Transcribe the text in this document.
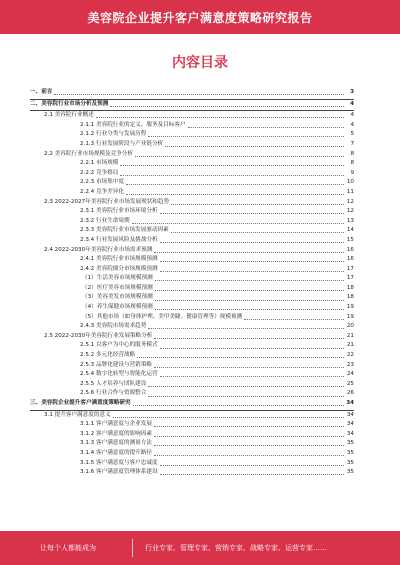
美容院企业提升客户满意度策略研究报告
内容目录
一、前言	3
二、美容院行业市场分析及预测	4
2.1 美容院行业概述	4
2.1.1 美容院行业的定义、服务及目标客户	4
2.1.2 行业分类与发展历程	5
2.1.3 行业发展阶段与产业链分析	7
2.2 美容院行业市场规模及竞争分析	8
2.2.1 市场规模	8
2.2.2 竞争格局	9
2.2.3 市场集中度	10
2.2.4 竞争差异化	11
2.3 2022-2027年美容院行业市场发展现状和趋势	12
2.3.1 美容院行业市场环境分析	12
2.3.2 行业生命周期	13
2.3.3 美容院行业市场发展驱动因素	14
2.3.4 行业发展风险及挑战分析	15
2.4 2022-2030年美容院行业市场需求预测	16
2.4.1 美容院行业市场规模预测	16
2.4.2 美容院细分市场规模预测	17
（1）生活美容市场规模预测	17
（2）医疗美容市场规模预测	18
（3）美容美发市场规模预测	18
（4）养生保健市场规模预测	19
（5）其他市场（如身体护理、美甲美睫、健康管理等）规模预测	19
2.4.3 美容院市场需求趋势	20
2.5 2022-2030年美容院行业发展策略分析	21
2.5.1 以客户为中心的服务模式	21
2.5.2 多元化经营战略	22
2.5.3 品牌化建设与营销策略	23
2.5.4 数字化转型与智能化运营	24
2.5.5 人才培养与团队建设	25
2.5.6 行业合作与资源整合	26
三、美容院企业提升客户满意度策略研究	34
3.1 提升客户满意度的意义	34
3.1.1 客户满意度与企业发展	34
3.1.2 客户满意度的影响因素	34
3.1.3 客户满意度的测量方法	35
3.1.4 客户满意度的提升路径	35
3.1.5 客户满意度与客户忠诚度	35
3.1.6 客户满意度管理体系建设	35
让每个人都能成为	行业专家、管理专家、营销专家、战略专家、运营专家……
